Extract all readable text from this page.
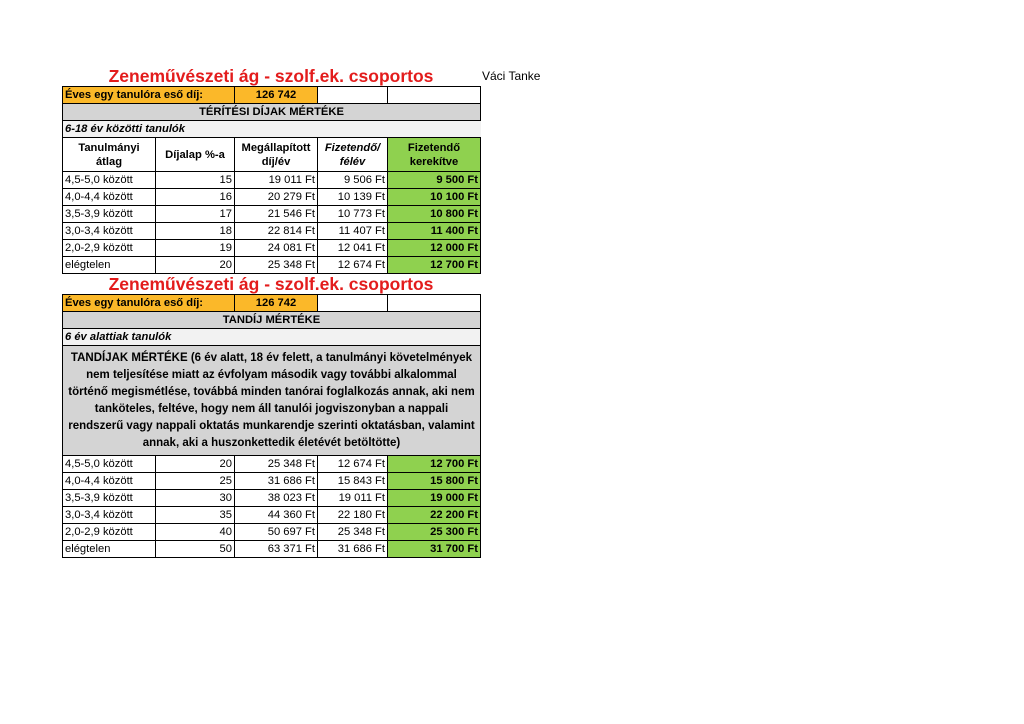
Váci Tanke
Zeneművészeti ág - szolf.ek. csoportos
Éves egy tanulóra eső díj:		126 742		
TÉRÍTÉSI DÍJAK MÉRTÉKE				
6-18 év közötti tanulók				
Tanulmányi átlag	Díjalap %-a	Megállapított díj/év	Fizetendő/ félév	Fizetendő kerekítve
4,5-5,0 között	15	19 011 Ft	9 506 Ft	9 500 Ft
4,0-4,4 között	16	20 279 Ft	10 139 Ft	10 100 Ft
3,5-3,9 között	17	21 546 Ft	10 773 Ft	10 800 Ft
3,0-3,4 között	18	22 814 Ft	11 407 Ft	11 400 Ft
2,0-2,9 között	19	24 081 Ft	12 041 Ft	12 000 Ft
elégtelen	20	25 348 Ft	12 674 Ft	12 700 Ft
Zeneművészeti ág - szolf.ek. csoportos
Éves egy tanulóra eső díj:		126 742		
TANDÍJ MÉRTÉKE				
6 év alattiak tanulók				
TANDÍJAK MÉRTÉKE (6 év alatt, 18 év felett, a tanulmányi követelmények nem teljesítése miatt az évfolyam második vagy további alkalommal történő megismétlése, továbbá minden tanórai foglalkozás annak, aki nem tanköteles, feltéve, hogy nem áll tanulói jogviszonyban a nappali rendszerű vagy nappali oktatás munkarendje szerinti oktatásban, valamint annak, aki a huszonkettedik életévét betöltötte)				
4,5-5,0 között	20	25 348 Ft	12 674 Ft	12 700 Ft
4,0-4,4 között	25	31 686 Ft	15 843 Ft	15 800 Ft
3,5-3,9 között	30	38 023 Ft	19 011 Ft	19 000 Ft
3,0-3,4 között	35	44 360 Ft	22 180 Ft	22 200 Ft
2,0-2,9 között	40	50 697 Ft	25 348 Ft	25 300 Ft
elégtelen	50	63 371 Ft	31 686 Ft	31 700 Ft
